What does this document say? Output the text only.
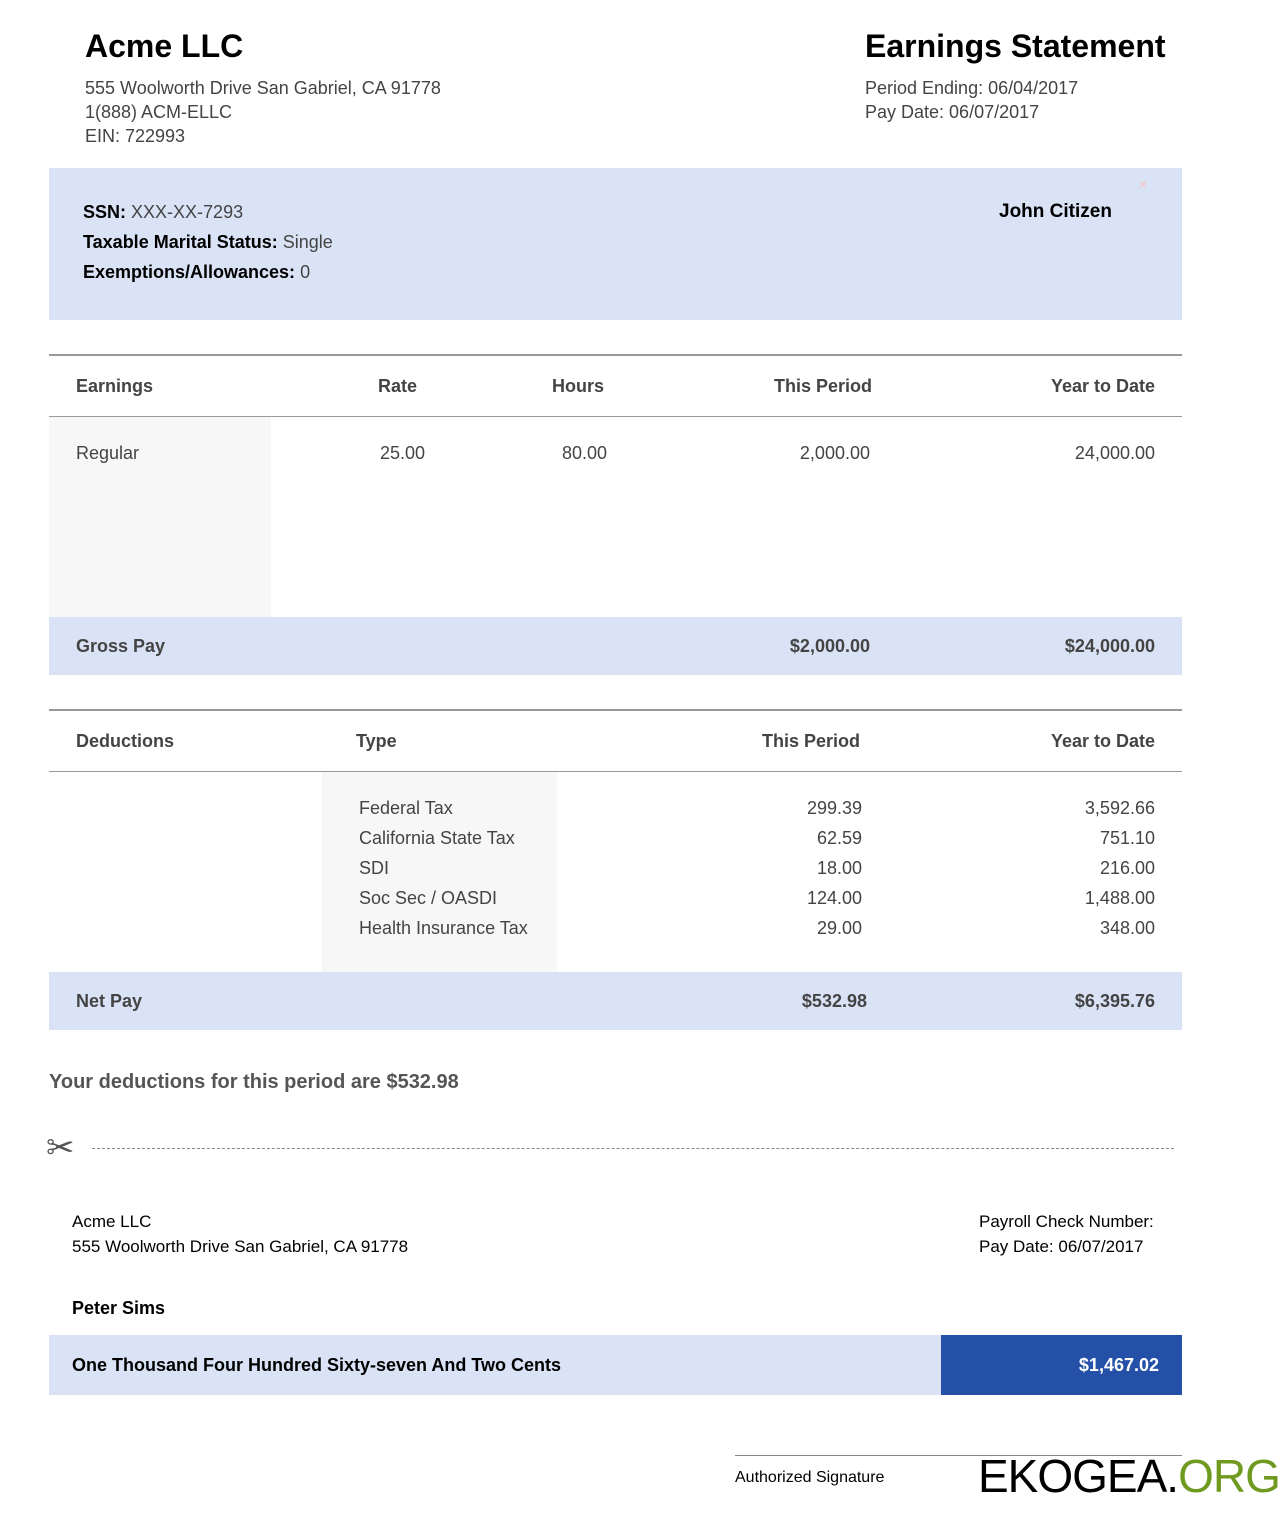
Acme LLC
555 Woolworth Drive San Gabriel, CA 91778
1(888) ACM-ELLC
EIN: 722993
Earnings Statement
Period Ending: 06/04/2017
Pay Date: 06/07/2017
SSN: XXX-XX-7293
Taxable Marital Status: Single
Exemptions/Allowances: 0
John Citizen
✕
Earnings	Rate	Hours	This Period	Year to Date
Regular	25.00	80.00	2,000.00	24,000.00
Gross Pay	$2,000.00	$24,000.00
Deductions	Type	This Period	Year to Date
Federal Tax	299.39	3,592.66
California State Tax	62.59	751.10
SDI	18.00	216.00
Soc Sec / OASDI	124.00	1,488.00
Health Insurance Tax	29.00	348.00
Net Pay	$532.98	$6,395.76
Your deductions for this period are $532.98
✂
Acme LLC
555 Woolworth Drive San Gabriel, CA 91778
Payroll Check Number:
Pay Date: 06/07/2017
Peter Sims
One Thousand Four Hundred Sixty-seven And Two Cents	$1,467.02
Authorized Signature EKOGEA.ORG
